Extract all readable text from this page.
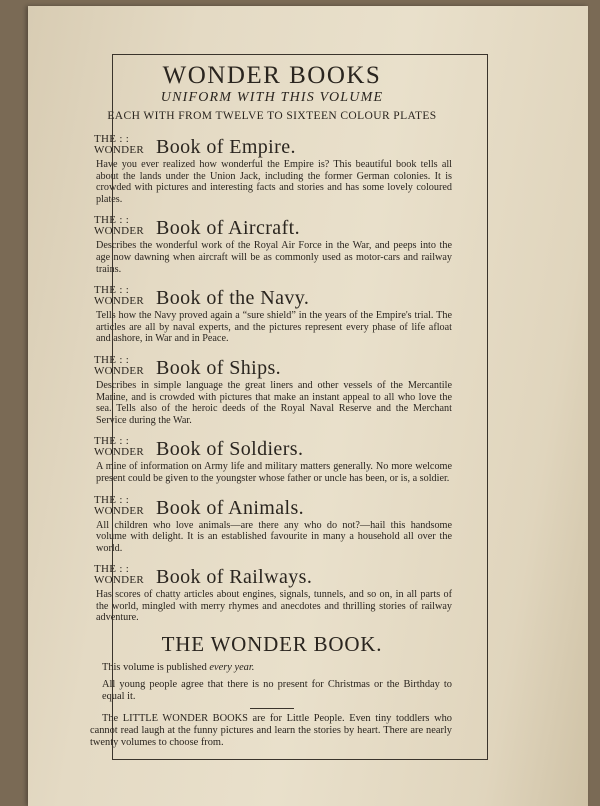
WONDER BOOKS
UNIFORM WITH THIS VOLUME
EACH WITH FROM TWELVE TO SIXTEEN COLOUR PLATES
THE : :
WONDER Book of Empire.

Have you ever realized how wonderful the Empire is? This beautiful book tells all about the lands under the Union Jack, including the former German colonies. It is crowded with pictures and interesting facts and stories and has some lovely coloured plates.

THE : :
WONDER Book of Aircraft.

Describes the wonderful work of the Royal Air Force in the War, and peeps into the age now dawning when aircraft will be as commonly used as motor-cars and railway trains.

THE : :
WONDER Book of the Navy.

Tells how the Navy proved again a “sure shield” in the years of the Empire's trial. The articles are all by naval experts, and the pictures represent every phase of life afloat and ashore, in War and in Peace.

THE : :
WONDER Book of Ships.

Describes in simple language the great liners and other vessels of the Mercantile Marine, and is crowded with pictures that make an instant appeal to all who love the sea. Tells also of the heroic deeds of the Royal Naval Reserve and the Merchant Service during the War.

THE : :
WONDER Book of Soldiers.

A mine of information on Army life and military matters generally. No more welcome present could be given to the youngster whose father or uncle has been, or is, a soldier.

THE : :
WONDER Book of Animals.

All children who love animals—are there any who do not?—hail this handsome volume with delight. It is an established favourite in many a household all over the world.

THE : :
WONDER Book of Railways.

Has scores of chatty articles about engines, signals, tunnels, and so on, in all parts of the world, mingled with merry rhymes and anecdotes and thrilling stories of railway adventure.

THE WONDER BOOK.

This volume is published every year.

All young people agree that there is no present for Christmas or the Birthday to equal it.

The LITTLE WONDER BOOKS are for Little People. Even tiny toddlers who cannot read laugh at the funny pictures and learn the stories by heart. There are nearly twenty volumes to choose from.
